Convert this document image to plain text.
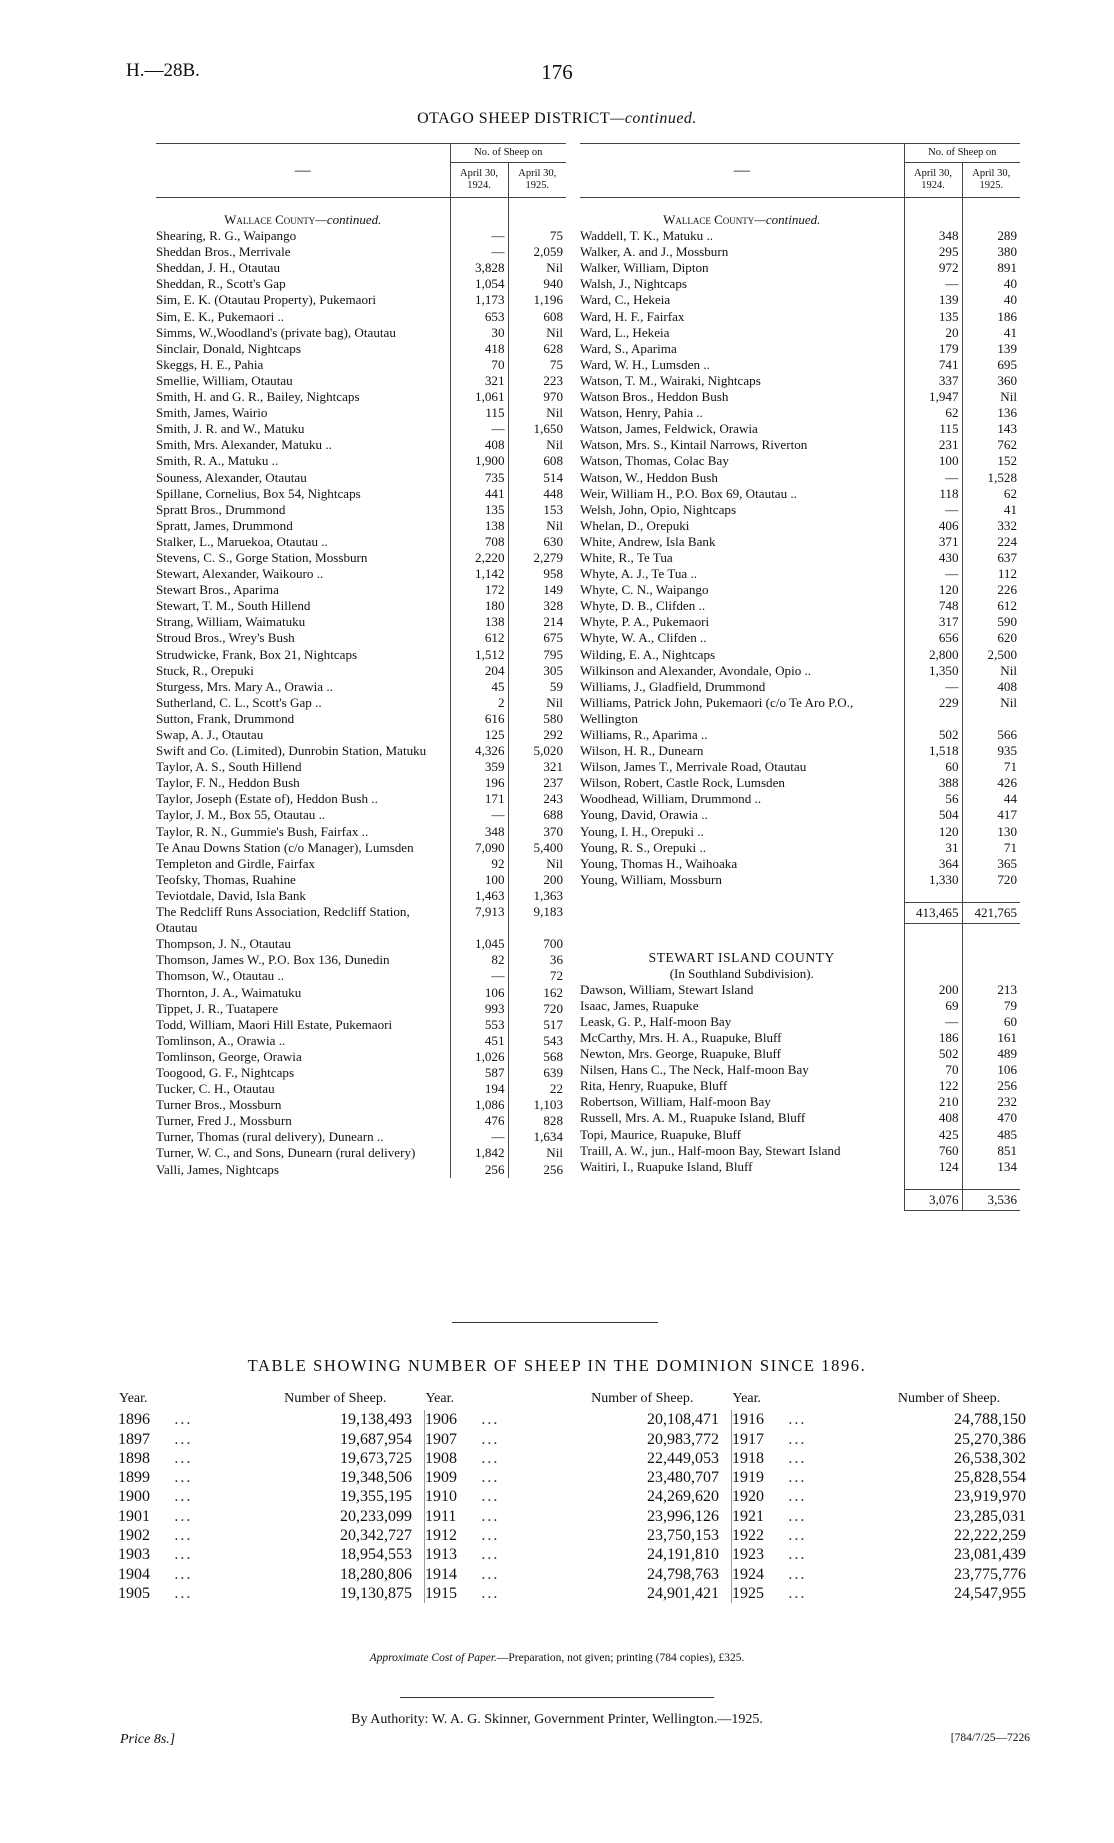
H.—28B.	176
OTAGO SHEEP DISTRICT—continued.
—	No. of Sheep on	
	April 30, 1924.	April 30, 1925.
Wallace County—continued.		
Shearing, R. G., Waipango	—	75
Sheddan Bros., Merrivale	—	2,059
Sheddan, J. H., Otautau	3,828	Nil
Sheddan, R., Scott's Gap	1,054	940
Sim, E. K. (Otautau Property), Pukemaori	1,173	1,196
Sim, E. K., Pukemaori ..	653	608
Simms, W.,Woodland's (private bag), Otautau	30	Nil
Sinclair, Donald, Nightcaps	418	628
Skeggs, H. E., Pahia	70	75
Smellie, William, Otautau	321	223
Smith, H. and G. R., Bailey, Nightcaps	1,061	970
Smith, James, Wairio	115	Nil
Smith, J. R. and W., Matuku	—	1,650
Smith, Mrs. Alexander, Matuku ..	408	Nil
Smith, R. A., Matuku ..	1,900	608
Souness, Alexander, Otautau	735	514
Spillane, Cornelius, Box 54, Nightcaps	441	448
Spratt Bros., Drummond	135	153
Spratt, James, Drummond	138	Nil
Stalker, L., Maruekoa, Otautau ..	708	630
Stevens, C. S., Gorge Station, Mossburn	2,220	2,279
Stewart, Alexander, Waikouro ..	1,142	958
Stewart Bros., Aparima	172	149
Stewart, T. M., South Hillend	180	328
Strang, William, Waimatuku	138	214
Stroud Bros., Wrey's Bush	612	675
Strudwicke, Frank, Box 21, Nightcaps	1,512	795
Stuck, R., Orepuki	204	305
Sturgess, Mrs. Mary A., Orawia ..	45	59
Sutherland, C. L., Scott's Gap ..	2	Nil
Sutton, Frank, Drummond	616	580
Swap, A. J., Otautau	125	292
Swift and Co. (Limited), Dunrobin Station, Matuku	4,326	5,020
Taylor, A. S., South Hillend	359	321
Taylor, F. N., Heddon Bush	196	237
Taylor, Joseph (Estate of), Heddon Bush ..	171	243
Taylor, J. M., Box 55, Otautau ..	—	688
Taylor, R. N., Gummie's Bush, Fairfax ..	348	370
Te Anau Downs Station (c/o Manager), Lumsden	7,090	5,400
Templeton and Girdle, Fairfax	92	Nil
Teofsky, Thomas, Ruahine	100	200
Teviotdale, David, Isla Bank	1,463	1,363
The Redcliff Runs Association, Redcliff Station, Otautau	7,913	9,183
Thompson, J. N., Otautau	1,045	700
Thomson, James W., P.O. Box 136, Dunedin	82	36
Thomson, W., Otautau ..	—	72
Thornton, J. A., Waimatuku	106	162
Tippet, J. R., Tuatapere	993	720
Todd, William, Maori Hill Estate, Pukemaori	553	517
Tomlinson, A., Orawia ..	451	543
Tomlinson, George, Orawia	1,026	568
Toogood, G. F., Nightcaps	587	639
Tucker, C. H., Otautau	194	22
Turner Bros., Mossburn	1,086	1,103
Turner, Fred J., Mossburn	476	828
Turner, Thomas (rural delivery), Dunearn ..	—	1,634
Turner, W. C., and Sons, Dunearn (rural delivery)	1,842	Nil
Valli, James, Nightcaps	256	256
—	No. of Sheep on	
	April 30, 1924.	April 30, 1925.
Wallace County—continued.		
Waddell, T. K., Matuku ..	348	289
Walker, A. and J., Mossburn	295	380
Walker, William, Dipton	972	891
Walsh, J., Nightcaps	—	40
Ward, C., Hekeia	139	40
Ward, H. F., Fairfax	135	186
Ward, L., Hekeia	20	41
Ward, S., Aparima	179	139
Ward, W. H., Lumsden ..	741	695
Watson, T. M., Wairaki, Nightcaps	337	360
Watson Bros., Heddon Bush	1,947	Nil
Watson, Henry, Pahia ..	62	136
Watson, James, Feldwick, Orawia	115	143
Watson, Mrs. S., Kintail Narrows, Riverton	231	762
Watson, Thomas, Colac Bay	100	152
Watson, W., Heddon Bush	—	1,528
Weir, William H., P.O. Box 69, Otautau ..	118	62
Welsh, John, Opio, Nightcaps	—	41
Whelan, D., Orepuki	406	332
White, Andrew, Isla Bank	371	224
White, R., Te Tua	430	637
Whyte, A. J., Te Tua ..	—	112
Whyte, C. N., Waipango	120	226
Whyte, D. B., Clifden ..	748	612
Whyte, P. A., Pukemaori	317	590
Whyte, W. A., Clifden ..	656	620
Wilding, E. A., Nightcaps	2,800	2,500
Wilkinson and Alexander, Avondale, Opio ..	1,350	Nil
Williams, J., Gladfield, Drummond	—	408
Williams, Patrick John, Pukemaori (c/o Te Aro P.O., Wellington	229	Nil
Williams, R., Aparima ..	502	566
Wilson, H. R., Dunearn	1,518	935
Wilson, James T., Merrivale Road, Otautau	60	71
Wilson, Robert, Castle Rock, Lumsden	388	426
Woodhead, William, Drummond ..	56	44
Young, David, Orawia ..	504	417
Young, I. H., Orepuki ..	120	130
Young, R. S., Orepuki ..	31	71
Young, Thomas H., Waihoaka	364	365
Young, William, Mossburn	1,330	720

	413,465	421,765
STEWART ISLAND COUNTY		
(In Southland Subdivision).		
Dawson, William, Stewart Island	200	213
Isaac, James, Ruapuke	69	79
Leask, G. P., Half-moon Bay	—	60
McCarthy, Mrs. H. A., Ruapuke, Bluff	186	161
Newton, Mrs. George, Ruapuke, Bluff	502	489
Nilsen, Hans C., The Neck, Half-moon Bay	70	106
Rita, Henry, Ruapuke, Bluff	122	256
Robertson, William, Half-moon Bay	210	232
Russell, Mrs. A. M., Ruapuke Island, Bluff	408	470
Topi, Maurice, Ruapuke, Bluff	425	485
Traill, A. W., jun., Half-moon Bay, Stewart Island	760	851
Waitiri, I., Ruapuke Island, Bluff	124	134

	3,076	3,536
TABLE SHOWING NUMBER OF SHEEP IN THE DOMINION SINCE 1896.
Year.		Number of Sheep.	Year.		Number of Sheep.	Year.		Number of Sheep.
1896	...	19,138,493	1906	...	20,108,471	1916	...	24,788,150
1897	...	19,687,954	1907	...	20,983,772	1917	...	25,270,386
1898	...	19,673,725	1908	...	22,449,053	1918	...	26,538,302
1899	...	19,348,506	1909	...	23,480,707	1919	...	25,828,554
1900	...	19,355,195	1910	...	24,269,620	1920	...	23,919,970
1901	...	20,233,099	1911	...	23,996,126	1921	...	23,285,031
1902	...	20,342,727	1912	...	23,750,153	1922	...	22,222,259
1903	...	18,954,553	1913	...	24,191,810	1923	...	23,081,439
1904	...	18,280,806	1914	...	24,798,763	1924	...	23,775,776
1905	...	19,130,875	1915	...	24,901,421	1925	...	24,547,955
Approximate Cost of Paper.—Preparation, not given; printing (784 copies), £325.
By Authority: W. A. G. Skinner, Government Printer, Wellington.—1925.
Price 8s.]	[784/7/25—7226
